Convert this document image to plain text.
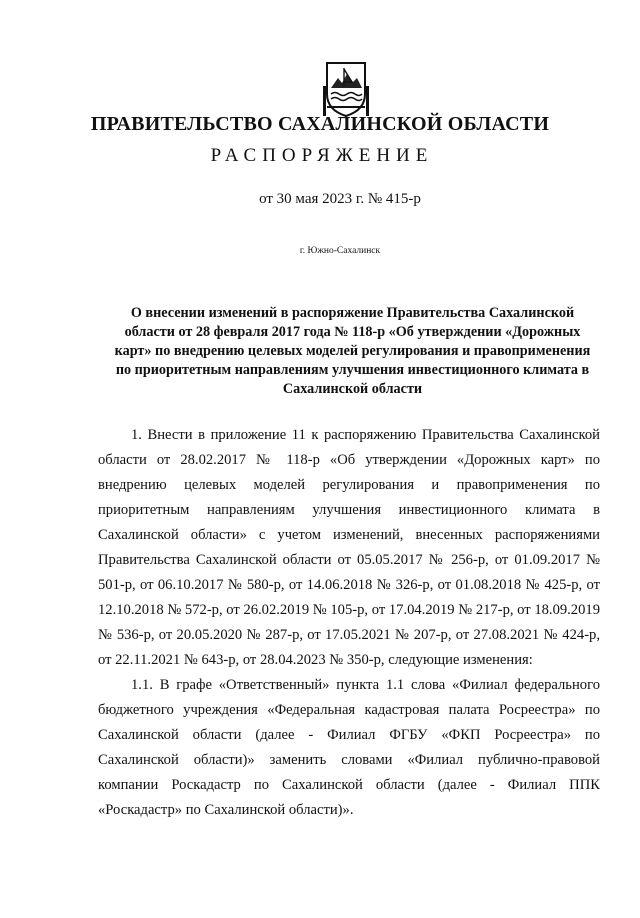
ПРАВИТЕЛЬСТВО САХАЛИНСКОЙ ОБЛАСТИ
РАСПОРЯЖЕНИЕ
от 30 мая 2023 г. № 415-р
г. Южно-Сахалинск
О внесении изменений в распоряжение Правительства Сахалинской области от 28 февраля 2017 года № 118-р «Об утверждении «Дорожных карт» по внедрению целевых моделей регулирования и правоприменения по приоритетным направлениям улучшения инвестиционного климата в Сахалинской области

1. Внести в приложение 11 к распоряжению Правительства Сахалинской области от 28.02.2017 № 118-р «Об утверждении «Дорожных карт» по внедрению целевых моделей регулирования и правоприменения по приоритетным направлениям улучшения инвестиционного климата в Сахалинской области» с учетом изменений, внесенных распоряжениями Правительства Сахалинской области от 05.05.2017 № 256-р, от 01.09.2017 № 501-р, от 06.10.2017 № 580-р, от 14.06.2018 № 326-р, от 01.08.2018 № 425-р, от 12.10.2018 № 572-р, от 26.02.2019 № 105-р, от 17.04.2019 № 217-р, от 18.09.2019 № 536-р, от 20.05.2020 № 287-р, от 17.05.2021 № 207-р, от 27.08.2021 № 424-р, от 22.11.2021 № 643-р, от 28.04.2023 № 350-р, следующие изменения:

1.1. В графе «Ответственный» пункта 1.1 слова «Филиал федерального бюджетного учреждения «Федеральная кадастровая палата Росреестра» по Сахалинской области (далее - Филиал ФГБУ «ФКП Росреестра» по Сахалинской области)» заменить словами «Филиал публично-правовой компании Роскадастр по Сахалинской области (далее - Филиал ППК «Роскадастр» по Сахалинской области)».
